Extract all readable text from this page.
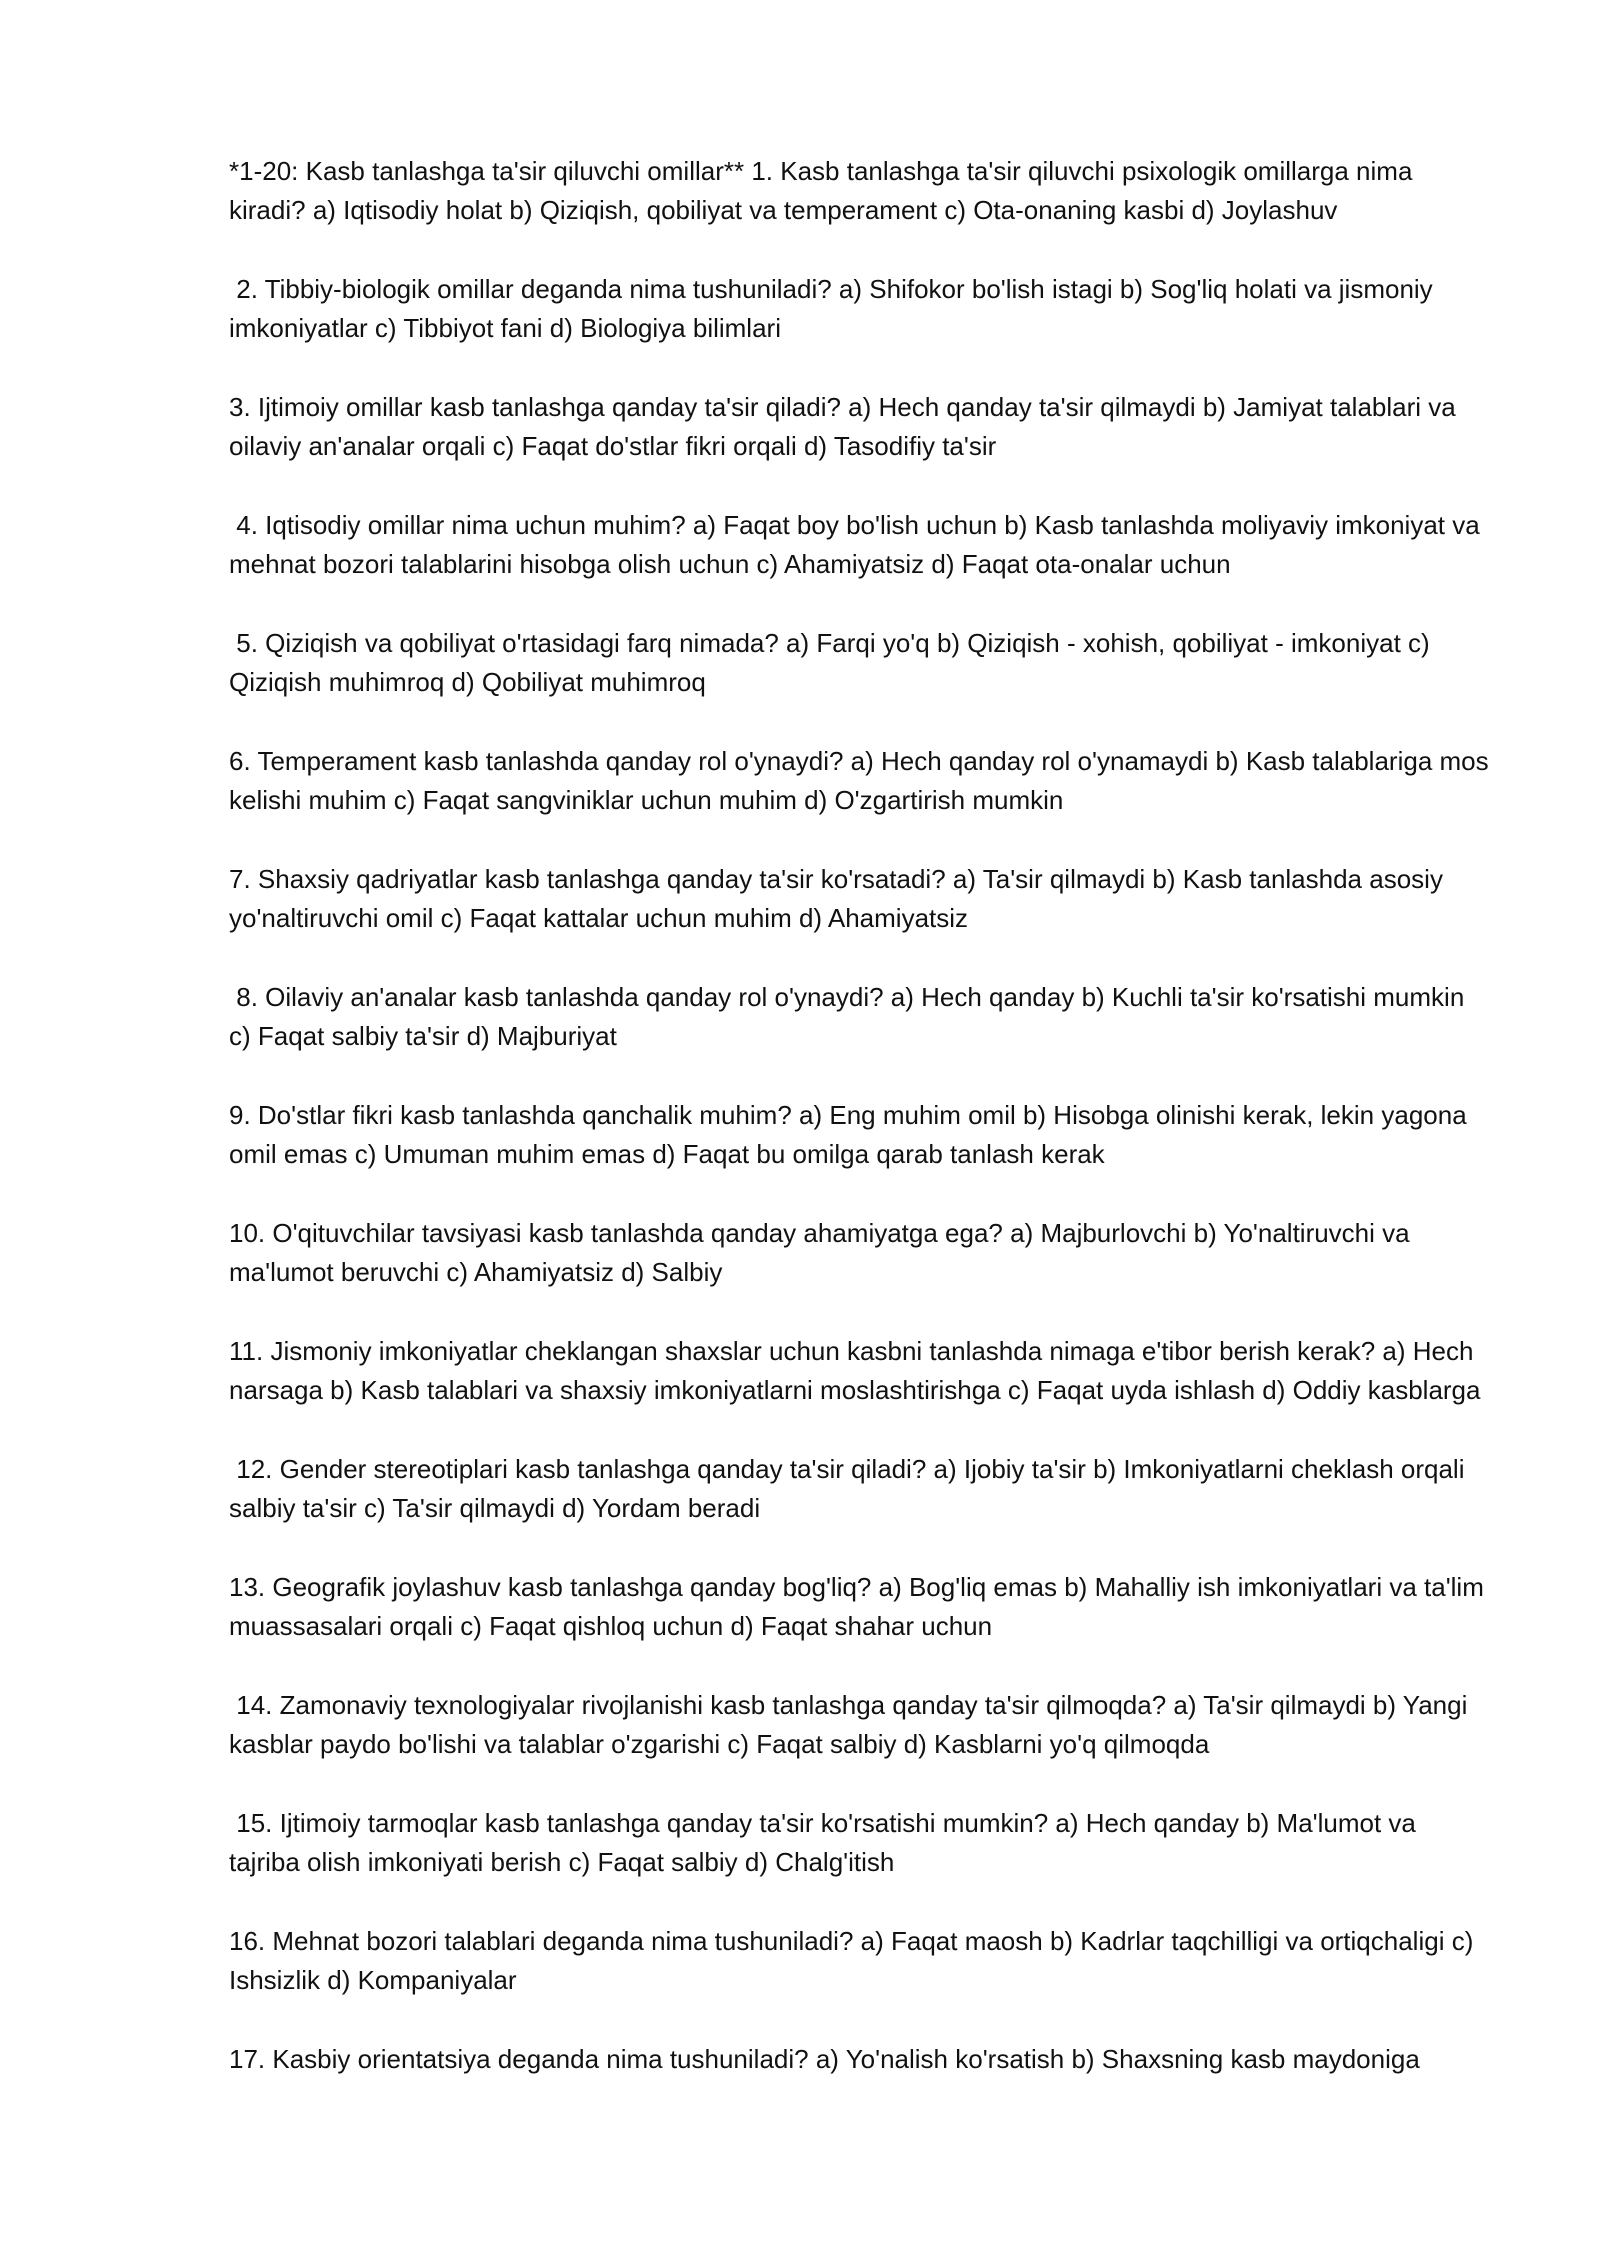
*1-20: Kasb tanlashga ta'sir qiluvchi omillar** 1. Kasb tanlashga ta'sir qiluvchi psixologik omillarga nima kiradi? a) Iqtisodiy holat b) Qiziqish, qobiliyat va temperament c) Ota-onaning kasbi d) Joylashuv

2. Tibbiy-biologik omillar deganda nima tushuniladi? a) Shifokor bo'lish istagi b) Sog'liq holati va jismoniy imkoniyatlar c) Tibbiyot fani d) Biologiya bilimlari

3. Ijtimoiy omillar kasb tanlashga qanday ta'sir qiladi? a) Hech qanday ta'sir qilmaydi b) Jamiyat talablari va oilaviy an'analar orqali c) Faqat do'stlar fikri orqali d) Tasodifiy ta'sir

4. Iqtisodiy omillar nima uchun muhim? a) Faqat boy bo'lish uchun b) Kasb tanlashda moliyaviy imkoniyat va mehnat bozori talablarini hisobga olish uchun c) Ahamiyatsiz d) Faqat ota-onalar uchun

5. Qiziqish va qobiliyat o'rtasidagi farq nimada? a) Farqi yo'q b) Qiziqish - xohish, qobiliyat - imkoniyat c) Qiziqish muhimroq d) Qobiliyat muhimroq

6. Temperament kasb tanlashda qanday rol o'ynaydi? a) Hech qanday rol o'ynamaydi b) Kasb talablariga mos kelishi muhim c) Faqat sangviniklar uchun muhim d) O'zgartirish mumkin

7. Shaxsiy qadriyatlar kasb tanlashga qanday ta'sir ko'rsatadi? a) Ta'sir qilmaydi b) Kasb tanlashda asosiy yo'naltiruvchi omil c) Faqat kattalar uchun muhim d) Ahamiyatsiz

8. Oilaviy an'analar kasb tanlashda qanday rol o'ynaydi? a) Hech qanday b) Kuchli ta'sir ko'rsatishi mumkin c) Faqat salbiy ta'sir d) Majburiyat

9. Do'stlar fikri kasb tanlashda qanchalik muhim? a) Eng muhim omil b) Hisobga olinishi kerak, lekin yagona omil emas c) Umuman muhim emas d) Faqat bu omilga qarab tanlash kerak

10. O'qituvchilar tavsiyasi kasb tanlashda qanday ahamiyatga ega? a) Majburlovchi b) Yo'naltiruvchi va ma'lumot beruvchi c) Ahamiyatsiz d) Salbiy

11. Jismoniy imkoniyatlar cheklangan shaxslar uchun kasbni tanlashda nimaga e'tibor berish kerak? a) Hech narsaga b) Kasb talablari va shaxsiy imkoniyatlarni moslashtirishga c) Faqat uyda ishlash d) Oddiy kasblarga

12. Gender stereotiplari kasb tanlashga qanday ta'sir qiladi? a) Ijobiy ta'sir b) Imkoniyatlarni cheklash orqali salbiy ta'sir c) Ta'sir qilmaydi d) Yordam beradi

13. Geografik joylashuv kasb tanlashga qanday bog'liq? a) Bog'liq emas b) Mahalliy ish imkoniyatlari va ta'lim muassasalari orqali c) Faqat qishloq uchun d) Faqat shahar uchun

14. Zamonaviy texnologiyalar rivojlanishi kasb tanlashga qanday ta'sir qilmoqda? a) Ta'sir qilmaydi b) Yangi kasblar paydo bo'lishi va talablar o'zgarishi c) Faqat salbiy d) Kasblarni yo'q qilmoqda

15. Ijtimoiy tarmoqlar kasb tanlashga qanday ta'sir ko'rsatishi mumkin? a) Hech qanday b) Ma'lumot va tajriba olish imkoniyati berish c) Faqat salbiy d) Chalg'itish

16. Mehnat bozori talablari deganda nima tushuniladi? a) Faqat maosh b) Kadrlar taqchilligi va ortiqchaligi c) Ishsizlik d) Kompaniyalar

17. Kasbiy orientatsiya deganda nima tushuniladi? a) Yo'nalish ko'rsatish b) Shaxsning kasb maydoniga
